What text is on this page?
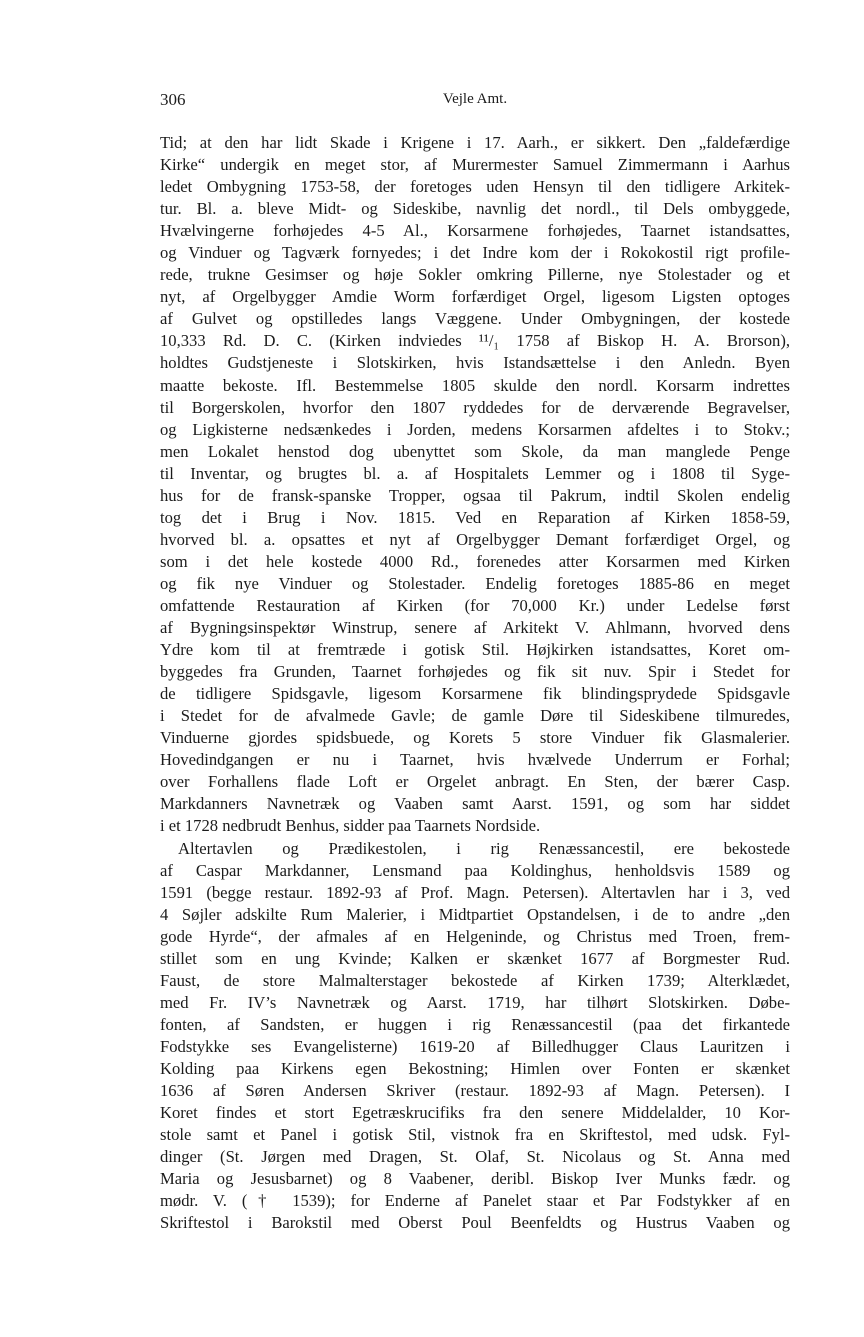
306	Vejle Amt.
Tid; at den har lidt Skade i Krigene i 17. Aarh., er sikkert. Den „faldefærdige
Kirke“ undergik en meget stor, af Murermester Samuel Zimmermann i Aarhus
ledet Ombygning 1753-58, der foretoges uden Hensyn til den tidligere Arkitek-
tur. Bl. a. bleve Midt- og Sideskibe, navnlig det nordl., til Dels ombyggede,
Hvælvingerne forhøjedes 4-5 Al., Korsarmene forhøjedes, Taarnet istandsattes,
og Vinduer og Tagværk fornyedes; i det Indre kom der i Rokokostil rigt profile-
rede, trukne Gesimser og høje Sokler omkring Pillerne, nye Stolestader og et
nyt, af Orgelbygger Amdie Worm forfærdiget Orgel, ligesom Ligsten optoges
af Gulvet og opstilledes langs Væggene. Under Ombygningen, der kostede
10,333 Rd. D. C. (Kirken indviedes ¹¹/₁ 1758 af Biskop H. A. Brorson),
holdtes Gudstjeneste i Slotskirken, hvis Istandsættelse i den Anledn. Byen
maatte bekoste. Ifl. Bestemmelse 1805 skulde den nordl. Korsarm indrettes
til Borgerskolen, hvorfor den 1807 ryddedes for de derværende Begravelser,
og Ligkisterne nedsænkedes i Jorden, medens Korsarmen afdeltes i to Stokv.;
men Lokalet henstod dog ubenyttet som Skole, da man manglede Penge
til Inventar, og brugtes bl. a. af Hospitalets Lemmer og i 1808 til Syge-
hus for de fransk-spanske Tropper, ogsaa til Pakrum, indtil Skolen endelig
tog det i Brug i Nov. 1815. Ved en Reparation af Kirken 1858-59,
hvorved bl. a. opsattes et nyt af Orgelbygger Demant forfærdiget Orgel, og
som i det hele kostede 4000 Rd., forenedes atter Korsarmen med Kirken
og fik nye Vinduer og Stolestader. Endelig foretoges 1885-86 en meget
omfattende Restauration af Kirken (for 70,000 Kr.) under Ledelse først
af Bygningsinspektør Winstrup, senere af Arkitekt V. Ahlmann, hvorved dens
Ydre kom til at fremtræde i gotisk Stil. Højkirken istandsattes, Koret om-
byggedes fra Grunden, Taarnet forhøjedes og fik sit nuv. Spir i Stedet for
de tidligere Spidsgavle, ligesom Korsarmene fik blindingsprydede Spidsgavle
i Stedet for de afvalmede Gavle; de gamle Døre til Sideskibene tilmuredes,
Vinduerne gjordes spidsbuede, og Korets 5 store Vinduer fik Glasmalerier.
Hovedindgangen er nu i Taarnet, hvis hvælvede Underrum er Forhal;
over Forhallens flade Loft er Orgelet anbragt. En Sten, der bærer Casp.
Markdanners Navnetræk og Vaaben samt Aarst. 1591, og som har siddet
i et 1728 nedbrudt Benhus, sidder paa Taarnets Nordside.
Altertavlen og Prædikestolen, i rig Renæssancestil, ere bekostede
af Caspar Markdanner, Lensmand paa Koldinghus, henholdsvis 1589 og
1591 (begge restaur. 1892-93 af Prof. Magn. Petersen). Altertavlen har i 3, ved
4 Søjler adskilte Rum Malerier, i Midtpartiet Opstandelsen, i de to andre „den
gode Hyrde“, der afmales af en Helgeninde, og Christus med Troen, frem-
stillet som en ung Kvinde; Kalken er skænket 1677 af Borgmester Rud.
Faust, de store Malmalterstager bekostede af Kirken 1739; Alterklædet,
med Fr. IV’s Navnetræk og Aarst. 1719, har tilhørt Slotskirken. Døbe-
fonten, af Sandsten, er huggen i rig Renæssancestil (paa det firkantede
Fodstykke ses Evangelisterne) 1619-20 af Billedhugger Claus Lauritzen i
Kolding paa Kirkens egen Bekostning; Himlen over Fonten er skænket
1636 af Søren Andersen Skriver (restaur. 1892-93 af Magn. Petersen). I
Koret findes et stort Egetræskrucifiks fra den senere Middelalder, 10 Kor-
stole samt et Panel i gotisk Stil, vistnok fra en Skriftestol, med udsk. Fyl-
dinger (St. Jørgen med Dragen, St. Olaf, St. Nicolaus og St. Anna med
Maria og Jesusbarnet) og 8 Vaabener, deribl. Biskop Iver Munks fædr. og
mødr. V. († 1539); for Enderne af Panelet staar et Par Fodstykker af en
Skriftestol i Barokstil med Oberst Poul Beenfeldts og Hustrus Vaaben og
